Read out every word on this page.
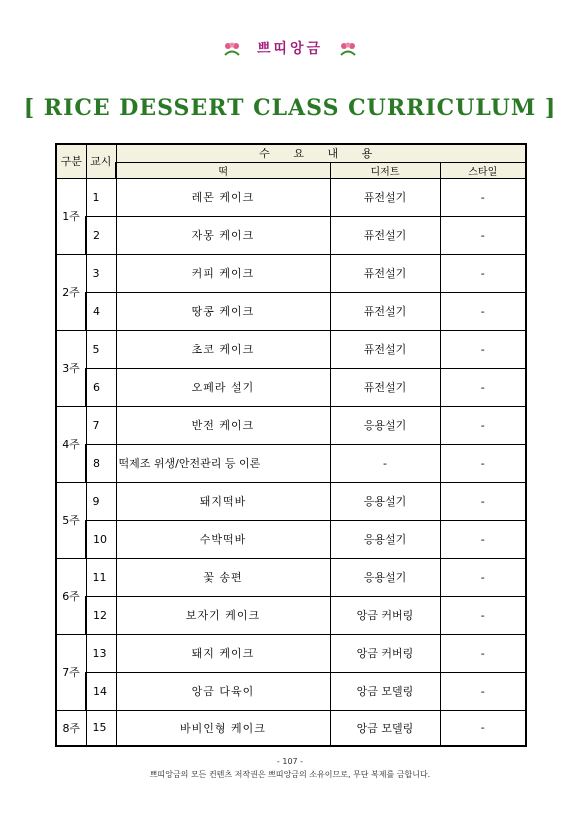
쁘띠앙금
[ RICE DESSERT CLASS CURRICULUM ]
구분	교시	수 요 내 용		
		떡	디저트	스타일
1주	1	레몬 케이크	퓨전설기	-
	2	자몽 케이크	퓨전설기	-
2주	3	커피 케이크	퓨전설기	-
	4	땅콩 케이크	퓨전설기	-
3주	5	초코 케이크	퓨전설기	-
	6	오페라 설기	퓨전설기	-
4주	7	반전 케이크	응용설기	-
	8	떡제조 위생/안전관리 등 이론	-	-
5주	9	돼지떡바	응용설기	-
	10	수박떡바	응용설기	-
6주	11	꽃 송편	응용설기	-
	12	보자기 케이크	앙금 커버링	-
7주	13	돼지 케이크	앙금 커버링	-
	14	앙금 다육이	앙금 모델링	-
8주	15	바비인형 케이크	앙금 모델링	-
- 107 -
쁘띠앙금의 모든 컨텐츠 저작권은 쁘띠앙금의 소유이므로, 무단 복제를 금합니다.
